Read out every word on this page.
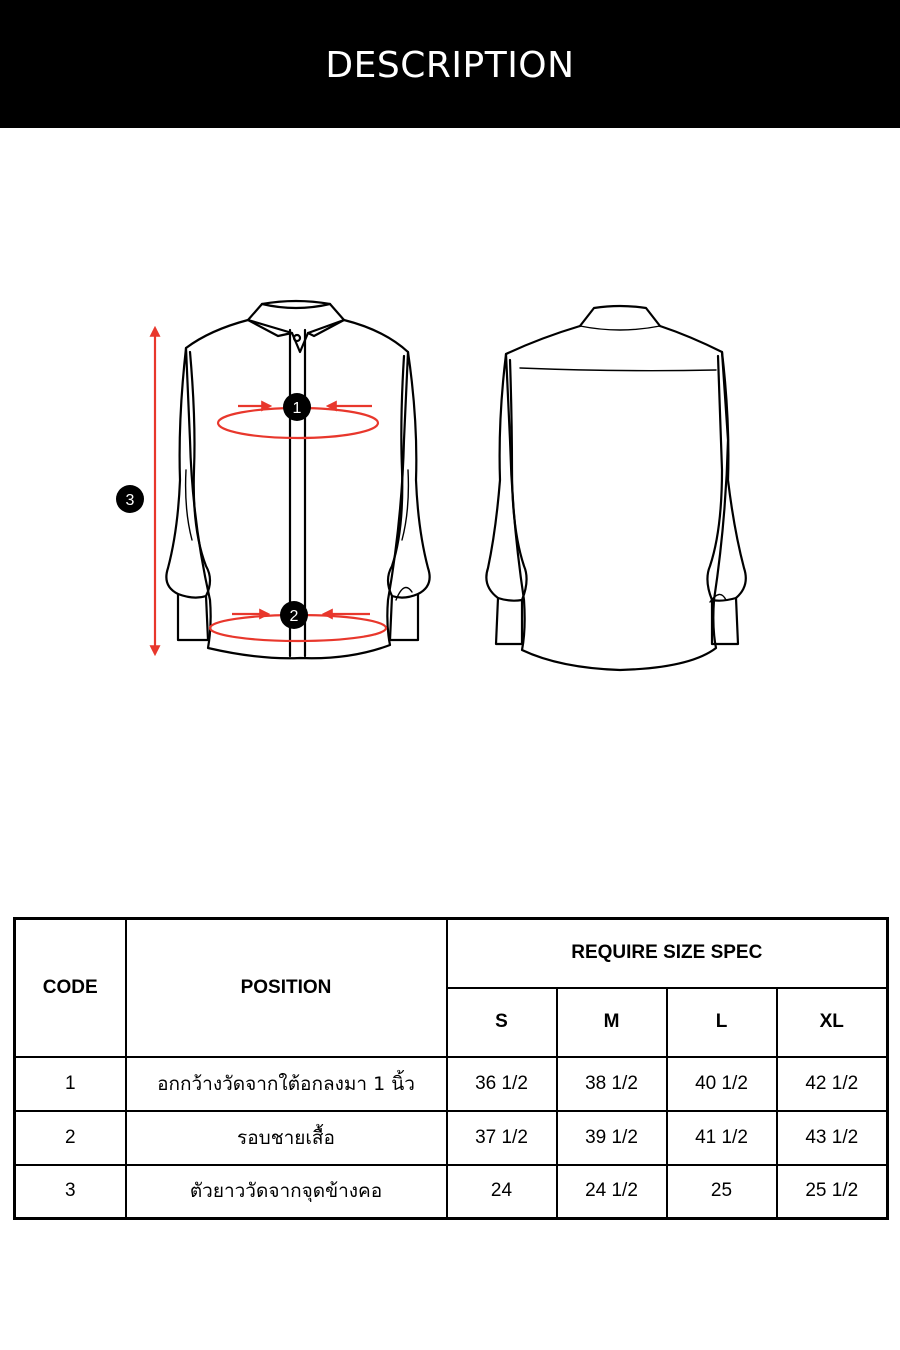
DESCRIPTION
1
2
3
CODE	POSITION	REQUIRE SIZE SPEC			
		S	M	L	XL
1	อกกว้างวัดจากใต้อกลงมา 1 นิ้ว	36 1/2	38 1/2	40 1/2	42 1/2
2	รอบชายเสื้อ	37 1/2	39 1/2	41 1/2	43 1/2
3	ตัวยาววัดจากจุดข้างคอ	24	24 1/2	25	25 1/2
